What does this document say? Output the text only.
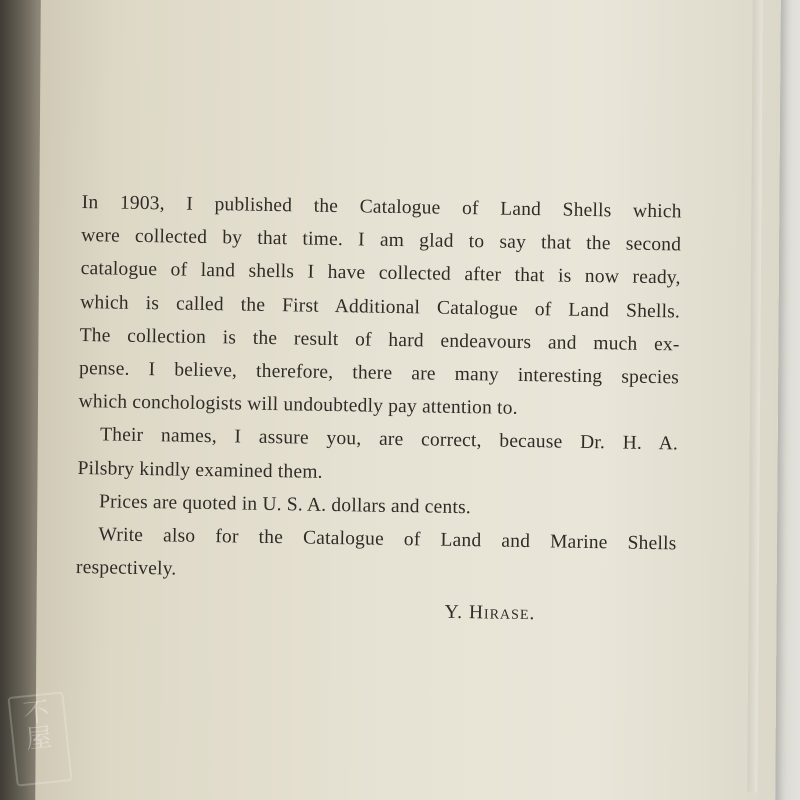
In 1903, I published the Catalogue of Land Shells which
were collected by that time. I am glad to say that the second
catalogue of land shells I have collected after that is now ready,
which is called the First Additional Catalogue of Land Shells.
The collection is the result of hard endeavours and much ex-
pense. I believe, therefore, there are many interesting species
which conchologists will undoubtedly pay attention to.
Their names, I assure you, are correct, because Dr. H. A.
Pilsbry kindly examined them.
Prices are quoted in U. S. A. dollars and cents.
Write also for the Catalogue of Land and Marine Shells
respectively.
Y. Hirase.
不屋
